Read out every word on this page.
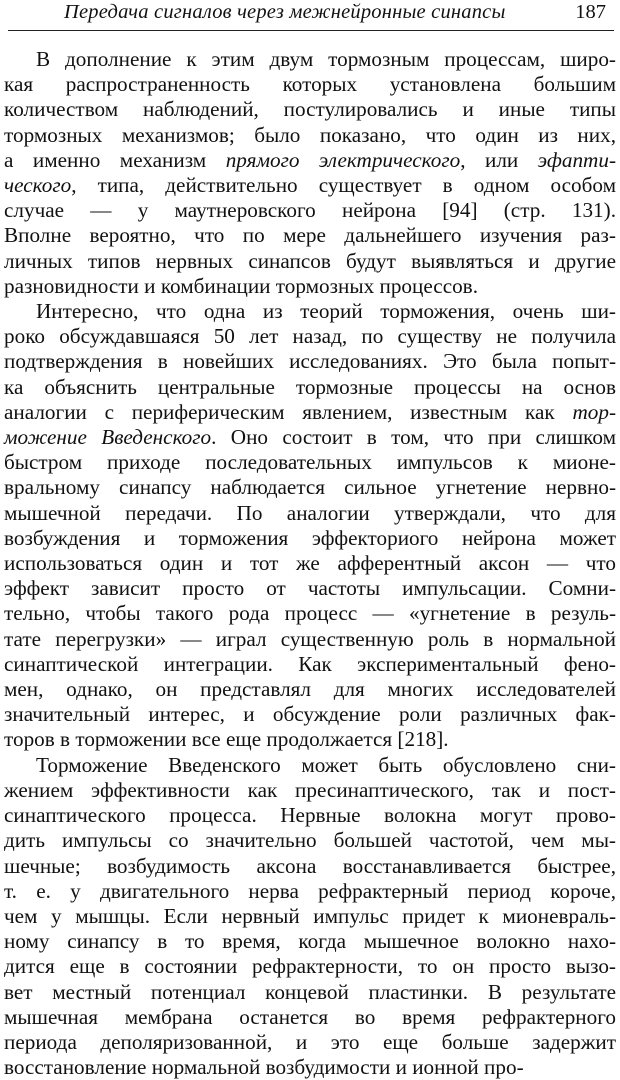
Передача сигналов через межнейронные синапсы	187
В дополнение к этим двум тормозным процессам, широ-
кая распространенность которых установлена большим
количеством наблюдений, постулировались и иные типы
тормозных механизмов; было показано, что один из них,
а именно механизм прямого электрического, или эфапти-
ческого, типа, действительно существует в одном особом
случае — у маутнеровского нейрона [94] (стр. 131).
Вполне вероятно, что по мере дальнейшего изучения раз-
личных типов нервных синапсов будут выявляться и другие
разновидности и комбинации тормозных процессов.
Интересно, что одна из теорий торможения, очень ши-
роко обсуждавшаяся 50 лет назад, по существу не получила
подтверждения в новейших исследованиях. Это была попыт-
ка объяснить центральные тормозные процессы на основ
аналогии с периферическим явлением, известным как тор-
можение Введенского. Оно состоит в том, что при слишком
быстром приходе последовательных импульсов к мионе-
вральному синапсу наблюдается сильное угнетение нервно-
мышечной передачи. По аналогии утверждали, что для
возбуждения и торможения эффекториого нейрона может
использоваться один и тот же афферентный аксон — что
эффект зависит просто от частоты импульсации. Сомни-
тельно, чтобы такого рода процесс — «угнетение в резуль-
тате перегрузки» — играл существенную роль в нормальной
синаптической интеграции. Как экспериментальный фено-
мен, однако, он представлял для многих исследователей
значительный интерес, и обсуждение роли различных фак-
торов в торможении все еще продолжается [218].
Торможение Введенского может быть обусловлено сни-
жением эффективности как пресинаптического, так и пост-
синаптического процесса. Нервные волокна могут прово-
дить импульсы со значительно большей частотой, чем мы-
шечные; возбудимость аксона восстанавливается быстрее,
т. е. у двигательного нерва рефрактерный период короче,
чем у мышцы. Если нервный импульс придет к мионевраль-
ному синапсу в то время, когда мышечное волокно нахо-
дится еще в состоянии рефрактерности, то он просто вызо-
вет местный потенциал концевой пластинки. В результате
мышечная мембрана останется во время рефрактерного
периода деполяризованной, и это еще больше задержит
восстановление нормальной возбудимости и ионной про-
